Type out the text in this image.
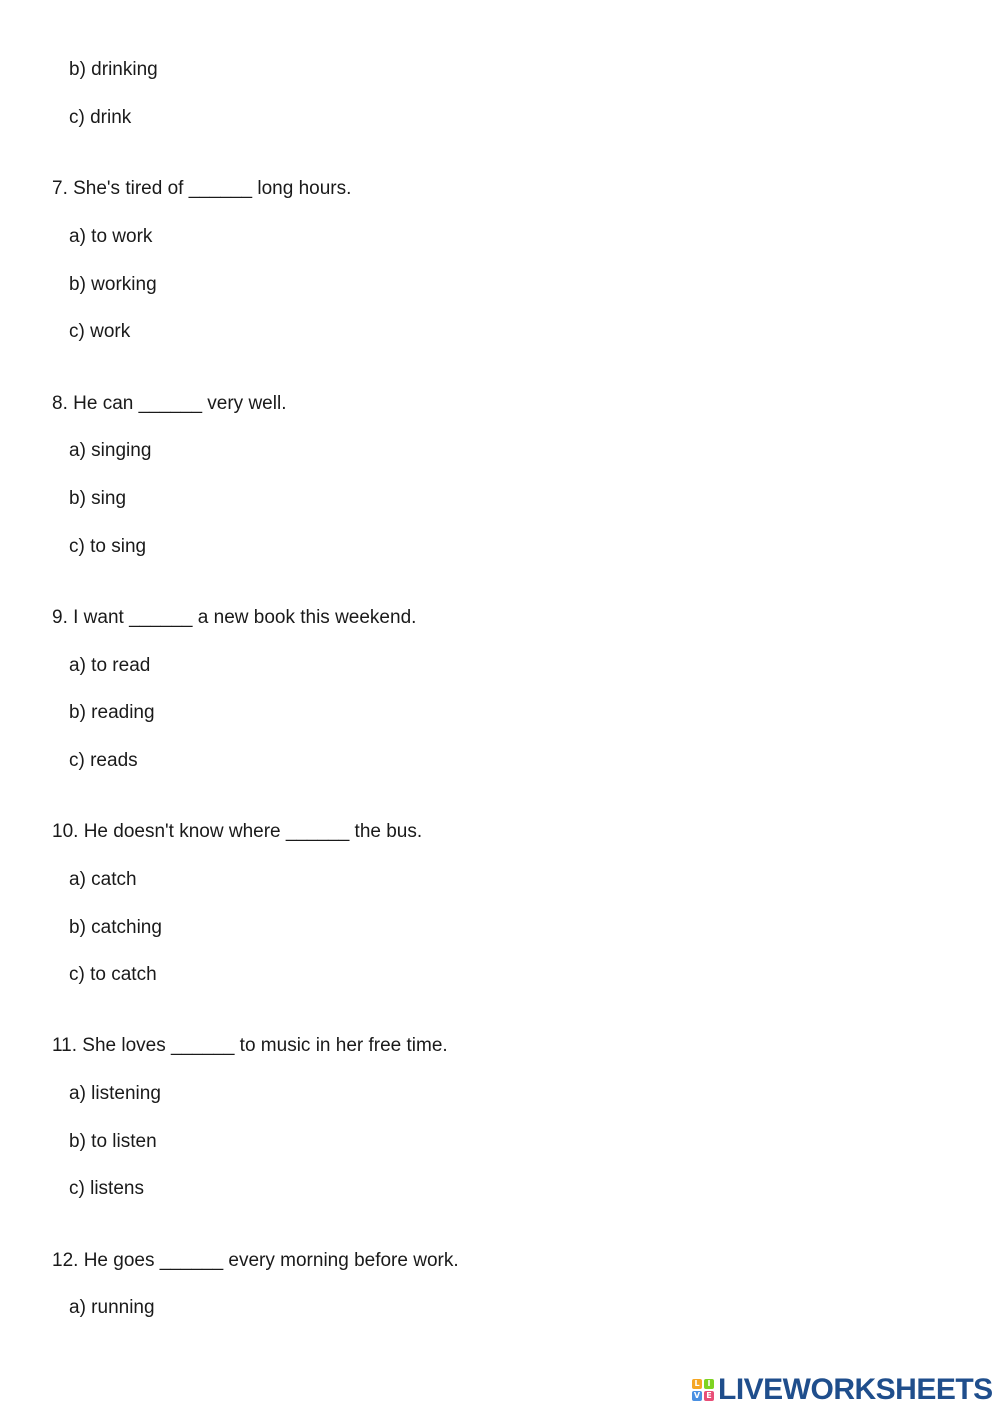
b) drinking

c) drink

7. She's tired of ______ long hours.

a) to work

b) working

c) work

8. He can ______ very well.

a) singing

b) sing

c) to sing

9. I want ______ a new book this weekend.

a) to read

b) reading

c) reads

10. He doesn't know where ______ the bus.

a) catch

b) catching

c) to catch

11. She loves ______ to music in her free time.

a) listening

b) to listen

c) listens

12. He goes ______ every morning before work.

a) running

L I
V E LIVEWORKSHEETS
